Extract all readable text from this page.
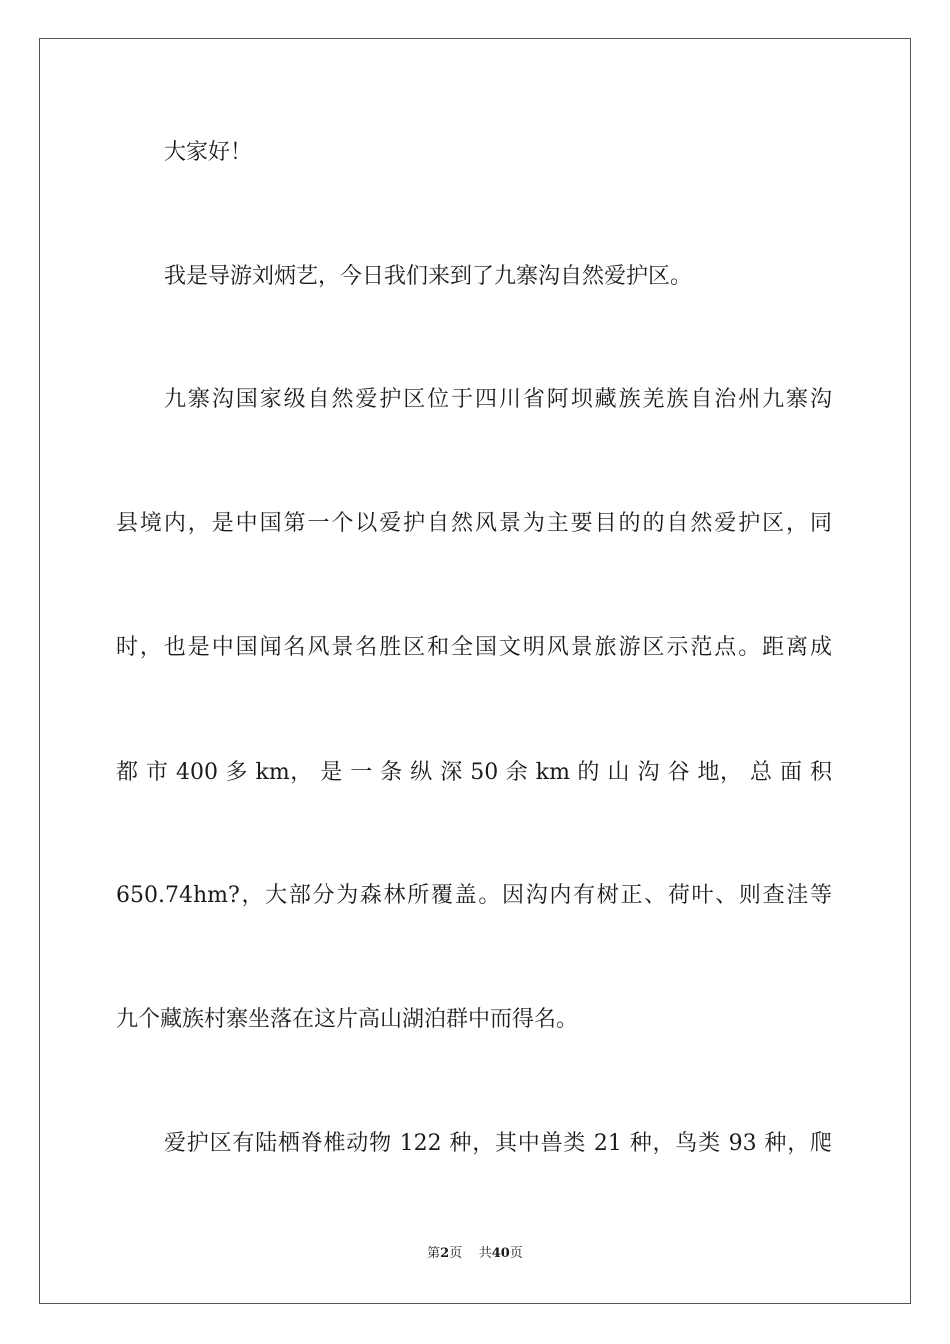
大家好！
我是导游刘炳艺，今日我们来到了九寨沟自然爱护区。
九寨沟国家级自然爱护区位于四川省阿坝藏族羌族自治州九寨沟
县境内，是中国第一个以爱护自然风景为主要目的的自然爱护区，同
时，也是中国闻名风景名胜区和全国文明风景旅游区示范点。距离成
都 市 400 多 km， 是 一 条 纵 深 50 余 km 的 山 沟 谷 地， 总 面 积
650.74hm?，大部分为森林所覆盖。因沟内有树正、荷叶、则查洼等
九个藏族村寨坐落在这片高山湖泊群中而得名。
爱护区有陆栖脊椎动物 122 种，其中兽类 21 种，鸟类 93 种，爬
第2页 共40页
